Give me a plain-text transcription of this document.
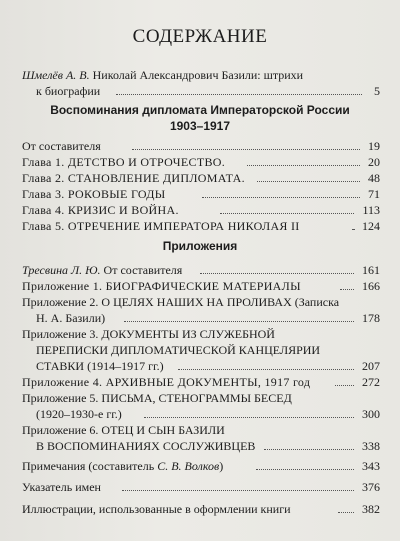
СОДЕРЖАНИЕ
Шмелёв А. В. Николай Александрович Базили: штрихи
к биографии	5
Воспоминания дипломата Императорской России
1903–1917
От составителя	19
Глава 1. ДЕТСТВО И ОТРОЧЕСТВО.	20
Глава 2. СТАНОВЛЕНИЕ ДИПЛОМАТА.	48
Глава 3. РОКОВЫЕ ГОДЫ	71
Глава 4. КРИЗИС И ВОЙНА.	113
Глава 5. ОТРЕЧЕНИЕ ИМПЕРАТОРА НИКОЛАЯ II	124
Приложения
Тресвина Л. Ю. От составителя	161
Приложение 1. БИОГРАФИЧЕСКИЕ МАТЕРИАЛЫ	166
Приложение 2. О ЦЕЛЯХ НАШИХ НА ПРОЛИВАХ (Записка
Н. А. Базили)	178
Приложение 3. ДОКУМЕНТЫ ИЗ СЛУЖЕБНОЙ
ПЕРЕПИСКИ ДИПЛОМАТИЧЕСКОЙ КАНЦЕЛЯРИИ
СТАВКИ (1914–1917 гг.)	207
Приложение 4. АРХИВНЫЕ ДОКУМЕНТЫ, 1917 год	272
Приложение 5. ПИСЬМА, СТЕНОГРАММЫ БЕСЕД
(1920–1930-е гг.)	300
Приложение 6. ОТЕЦ И СЫН БАЗИЛИ
В ВОСПОМИНАНИЯХ СОСЛУЖИВЦЕВ	338
Примечания (составитель С. В. Волков)	343
Указатель имен	376
Иллюстрации, использованные в оформлении книги	382
